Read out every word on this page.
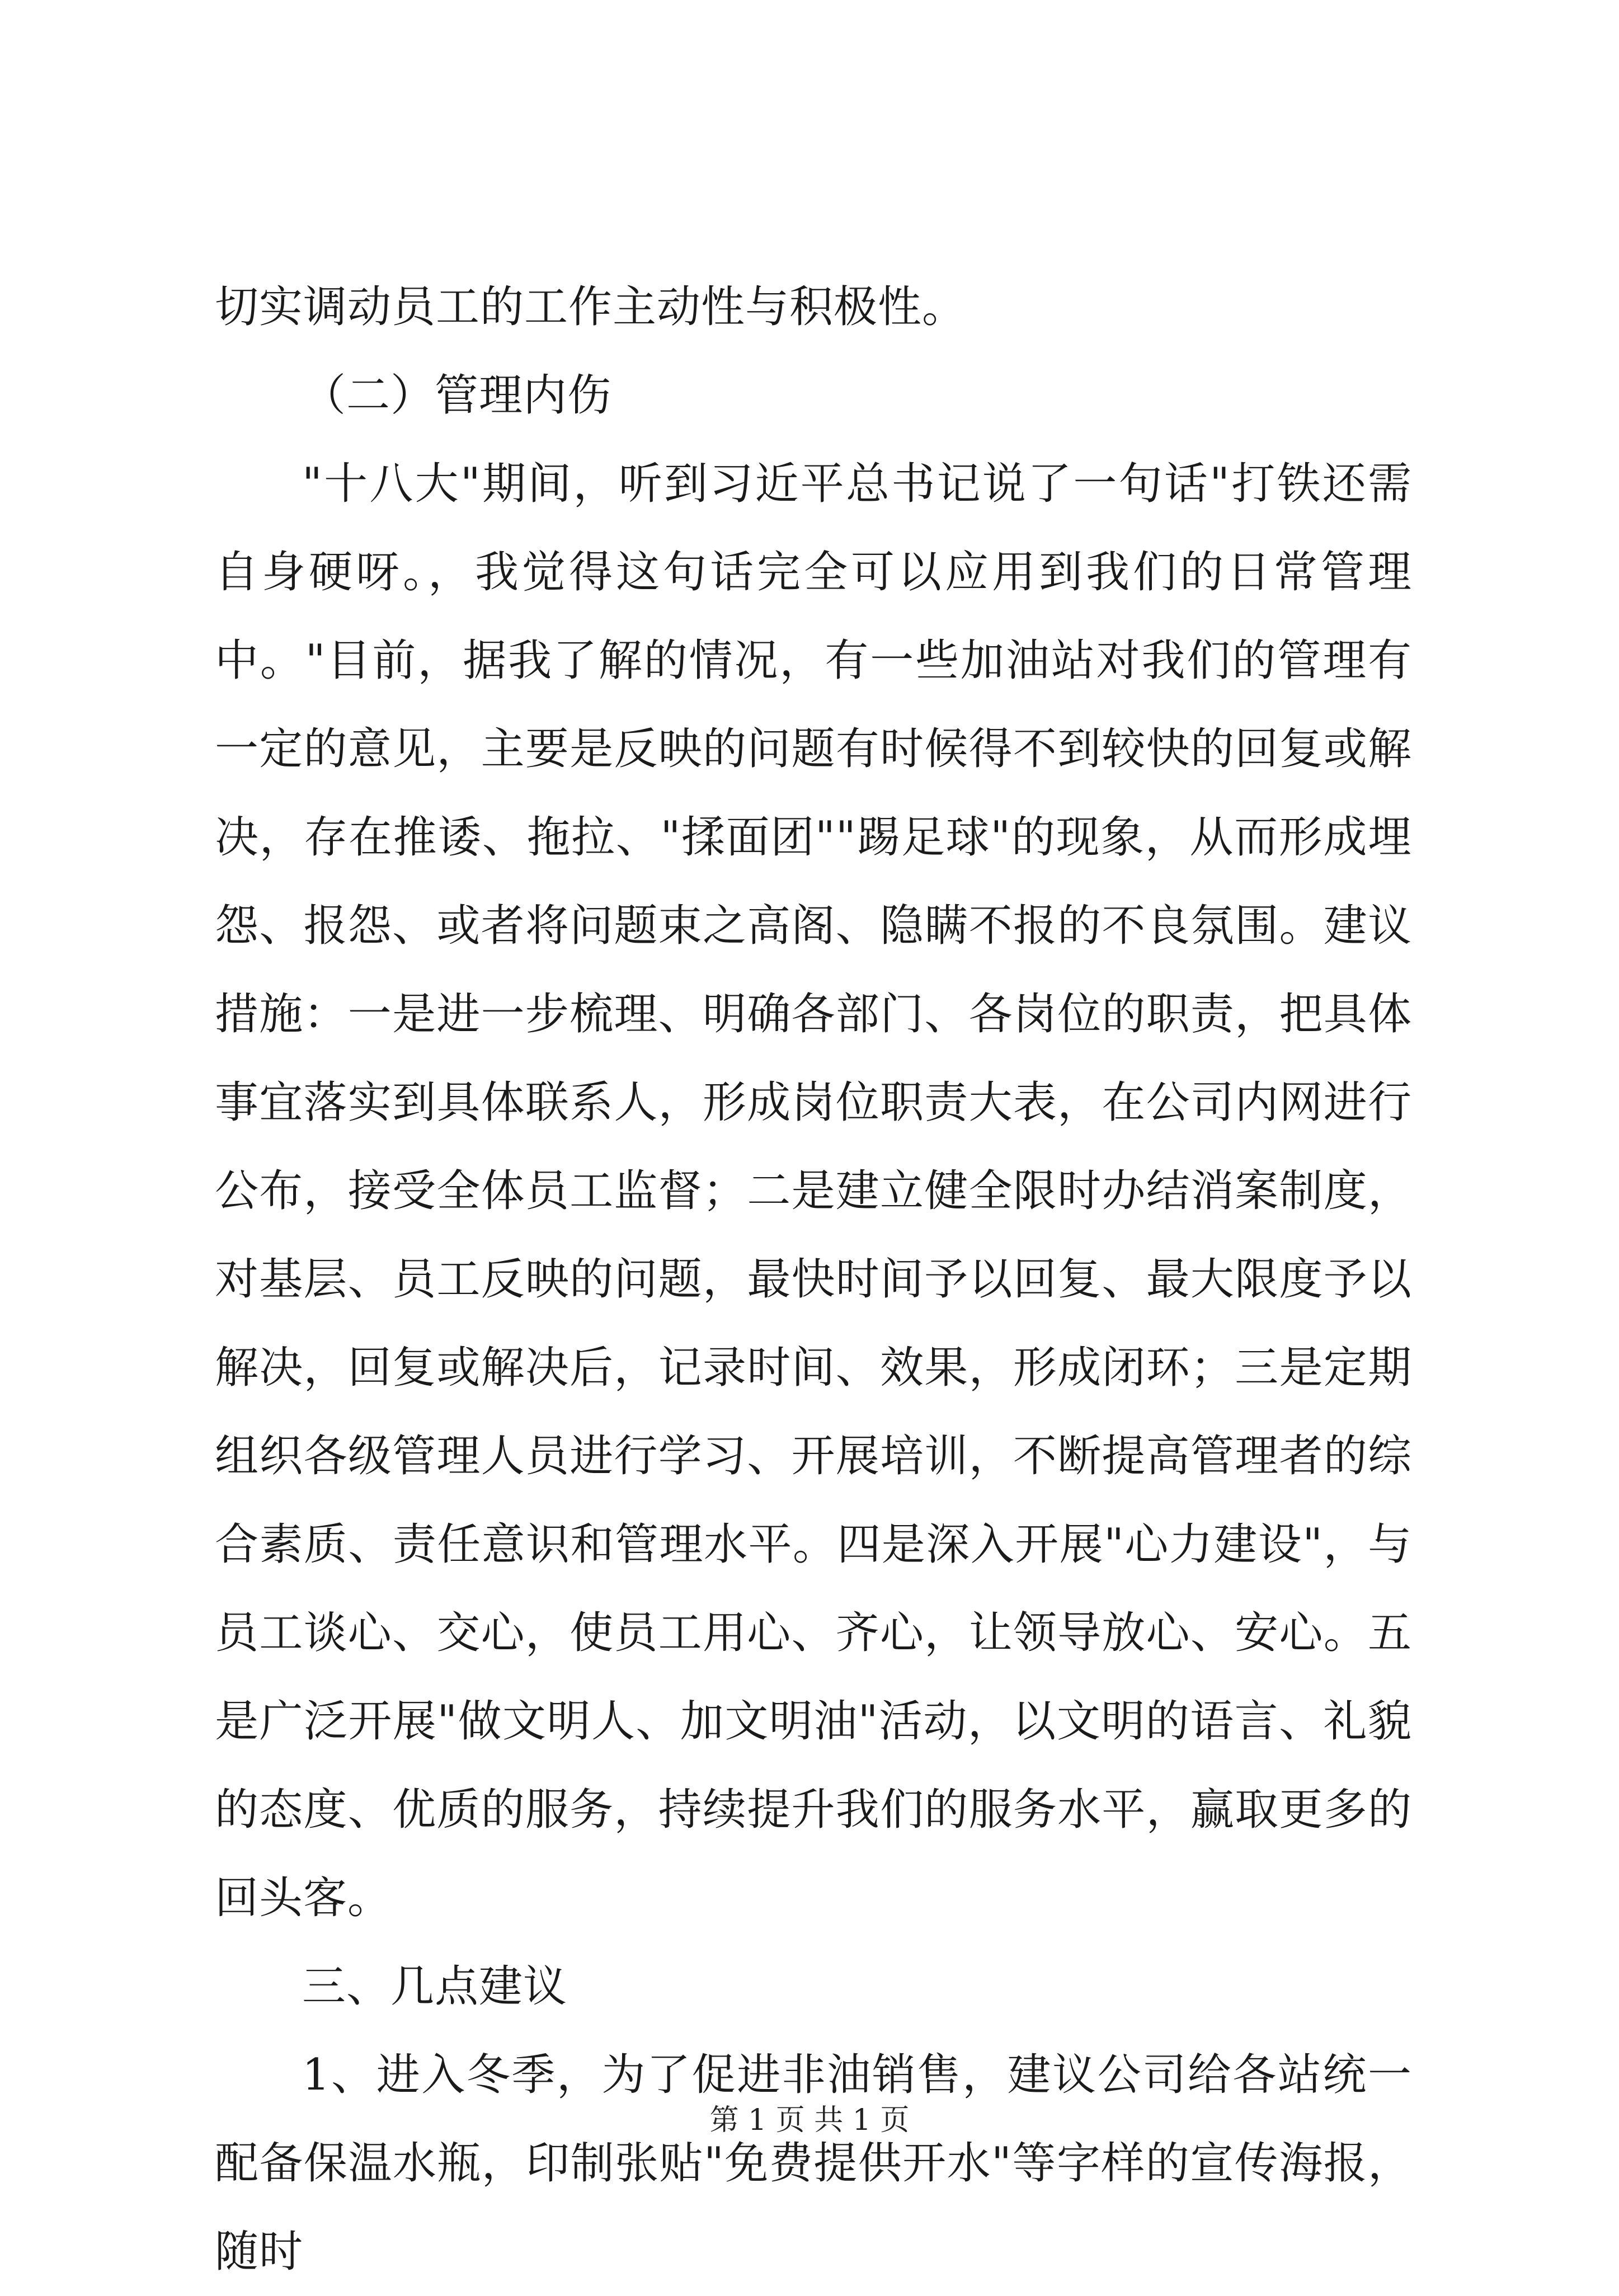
切实调动员工的工作主动性与积极性。

（二）管理内伤

"十八大"期间，听到习近平总书记说了一句话"打铁还需自身硬呀。，我觉得这句话完全可以应用到我们的日常管理中。"目前，据我了解的情况，有一些加油站对我们的管理有一定的意见，主要是反映的问题有时候得不到较快的回复或解决，存在推诿、拖拉、"揉面团""踢足球"的现象，从而形成埋怨、报怨、或者将问题束之高阁、隐瞒不报的不良氛围。建议措施：一是进一步梳理、明确各部门、各岗位的职责，把具体事宜落实到具体联系人，形成岗位职责大表，在公司内网进行公布，接受全体员工监督；二是建立健全限时办结消案制度，对基层、员工反映的问题，最快时间予以回复、最大限度予以解决，回复或解决后，记录时间、效果，形成闭环；三是定期组织各级管理人员进行学习、开展培训，不断提高管理者的综合素质、责任意识和管理水平。四是深入开展"心力建设"，与员工谈心、交心，使员工用心、齐心，让领导放心、安心。五是广泛开展"做文明人、加文明油"活动，以文明的语言、礼貌的态度、优质的服务，持续提升我们的服务水平，赢取更多的回头客。

三、几点建议

1、进入冬季，为了促进非油销售，建议公司给各站统一配备保温水瓶，印制张贴"免费提供开水"等字样的宣传海报，随时

第 1 页 共 1 页
